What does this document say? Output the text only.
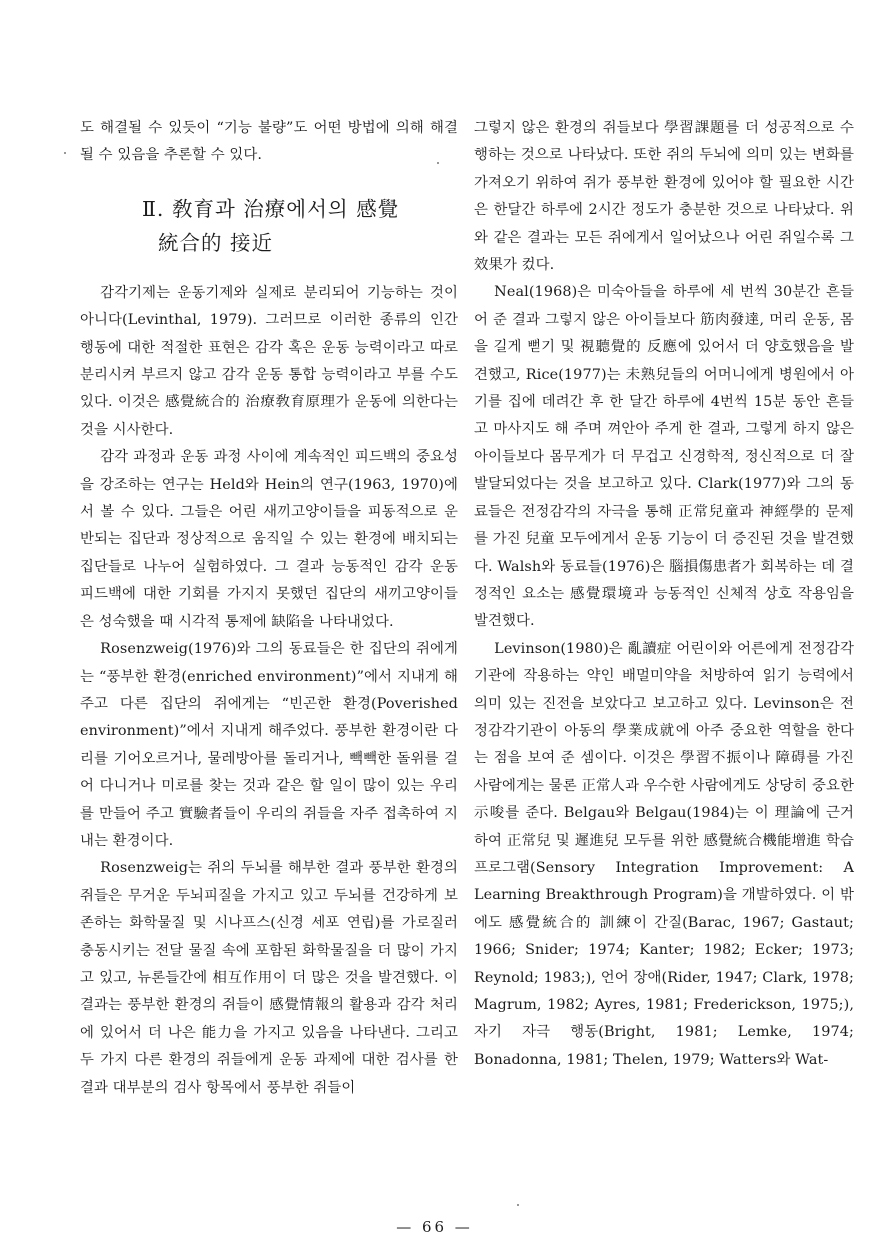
도 해결될 수 있듯이 “기능 불량”도 어떤 방법에 의해 해결될 수 있음을 추론할 수 있다.

Ⅱ. 敎育과 治療에서의 感覺
統合的 接近

감각기제는 운동기제와 실제로 분리되어 기능하는 것이 아니다(Levinthal, 1979). 그러므로 이러한 종류의 인간 행동에 대한 적절한 표현은 감각 혹은 운동 능력이라고 따로 분리시켜 부르지 않고 감각 운동 통합 능력이라고 부를 수도 있다. 이것은 感覺統合的 治療敎育原理가 운동에 의한다는 것을 시사한다.

감각 과정과 운동 과정 사이에 계속적인 피드백의 중요성을 강조하는 연구는 Held와 Hein의 연구(1963, 1970)에서 볼 수 있다. 그들은 어린 새끼고양이들을 피동적으로 운반되는 집단과 정상적으로 움직일 수 있는 환경에 배치되는 집단들로 나누어 실험하였다. 그 결과 능동적인 감각 운동 피드백에 대한 기회를 가지지 못했던 집단의 새끼고양이들은 성숙했을 때 시각적 통제에 缺陷을 나타내었다.

Rosenzweig(1976)와 그의 동료들은 한 집단의 쥐에게는 “풍부한 환경(enriched environment)”에서 지내게 해주고 다른 집단의 쥐에게는 “빈곤한 환경(Poverished environment)”에서 지내게 해주었다. 풍부한 환경이란 다리를 기어오르거나, 물레방아를 돌리거나, 빽빽한 돌위를 걸어 다니거나 미로를 찾는 것과 같은 할 일이 많이 있는 우리를 만들어 주고 實驗者들이 우리의 쥐들을 자주 접촉하여 지내는 환경이다.

Rosenzweig는 쥐의 두뇌를 해부한 결과 풍부한 환경의 쥐들은 무거운 두뇌피질을 가지고 있고 두뇌를 건강하게 보존하는 화학물질 및 시나프스(신경 세포 연립)를 가로질러 충동시키는 전달 물질 속에 포함된 화학물질을 더 많이 가지고 있고, 뉴론들간에 相互作用이 더 많은 것을 발견했다. 이 결과는 풍부한 환경의 쥐들이 感覺情報의 활용과 감각 처리에 있어서 더 나은 能力을 가지고 있음을 나타낸다. 그리고 두 가지 다른 환경의 쥐들에게 운동 과제에 대한 검사를 한 결과 대부분의 검사 항목에서 풍부한 쥐들이

그렇지 않은 환경의 쥐들보다 學習課題를 더 성공적으로 수행하는 것으로 나타났다. 또한 쥐의 두뇌에 의미 있는 변화를 가져오기 위하여 쥐가 풍부한 환경에 있어야 할 필요한 시간은 한달간 하루에 2시간 정도가 충분한 것으로 나타났다. 위와 같은 결과는 모든 쥐에게서 일어났으나 어린 쥐일수록 그 效果가 컸다.

Neal(1968)은 미숙아들을 하루에 세 번씩 30분간 흔들어 준 결과 그렇지 않은 아이들보다 筋肉發達, 머리 운동, 몸을 길게 뻗기 및 視聽覺的 反應에 있어서 더 양호했음을 발견했고, Rice(1977)는 未熟兒들의 어머니에게 병원에서 아기를 집에 데려간 후 한 달간 하루에 4번씩 15분 동안 흔들고 마사지도 해 주며 껴안아 주게 한 결과, 그렇게 하지 않은 아이들보다 몸무게가 더 무겁고 신경학적, 정신적으로 더 잘 발달되었다는 것을 보고하고 있다. Clark(1977)와 그의 동료들은 전정감각의 자극을 통해 正常兒童과 神經學的 문제를 가진 兒童 모두에게서 운동 기능이 더 증진된 것을 발견했다. Walsh와 동료들(1976)은 腦損傷患者가 회복하는 데 결정적인 요소는 感覺環境과 능동적인 신체적 상호 작용임을 발견했다.

Levinson(1980)은 亂讀症 어린이와 어른에게 전정감각기관에 작용하는 약인 배멀미약을 처방하여 읽기 능력에서 의미 있는 진전을 보았다고 보고하고 있다. Levinson은 전정감각기관이 아동의 學業成就에 아주 중요한 역할을 한다는 점을 보여 준 셈이다. 이것은 學習不振이나 障碍를 가진 사람에게는 물론 正常人과 우수한 사람에게도 상당히 중요한 示唆를 준다. Belgau와 Belgau(1984)는 이 理論에 근거하여 正常兒 및 遲進兒 모두를 위한 感覺統合機能增進 학습프로그램(Sensory Integration Improvement: A Learning Breakthrough Program)을 개발하였다. 이 밖에도 感覺統合的 訓練이 간질(Barac, 1967; Gastaut; 1966; Snider; 1974; Kanter; 1982; Ecker; 1973; Reynold; 1983;), 언어 장애(Rider, 1947; Clark, 1978; Magrum, 1982; Ayres, 1981; Frederickson, 1975;), 자기 자극 행동(Bright, 1981; Lemke, 1974; Bonadonna, 1981; Thelen, 1979; Watters와 Wat-

— 66 —
